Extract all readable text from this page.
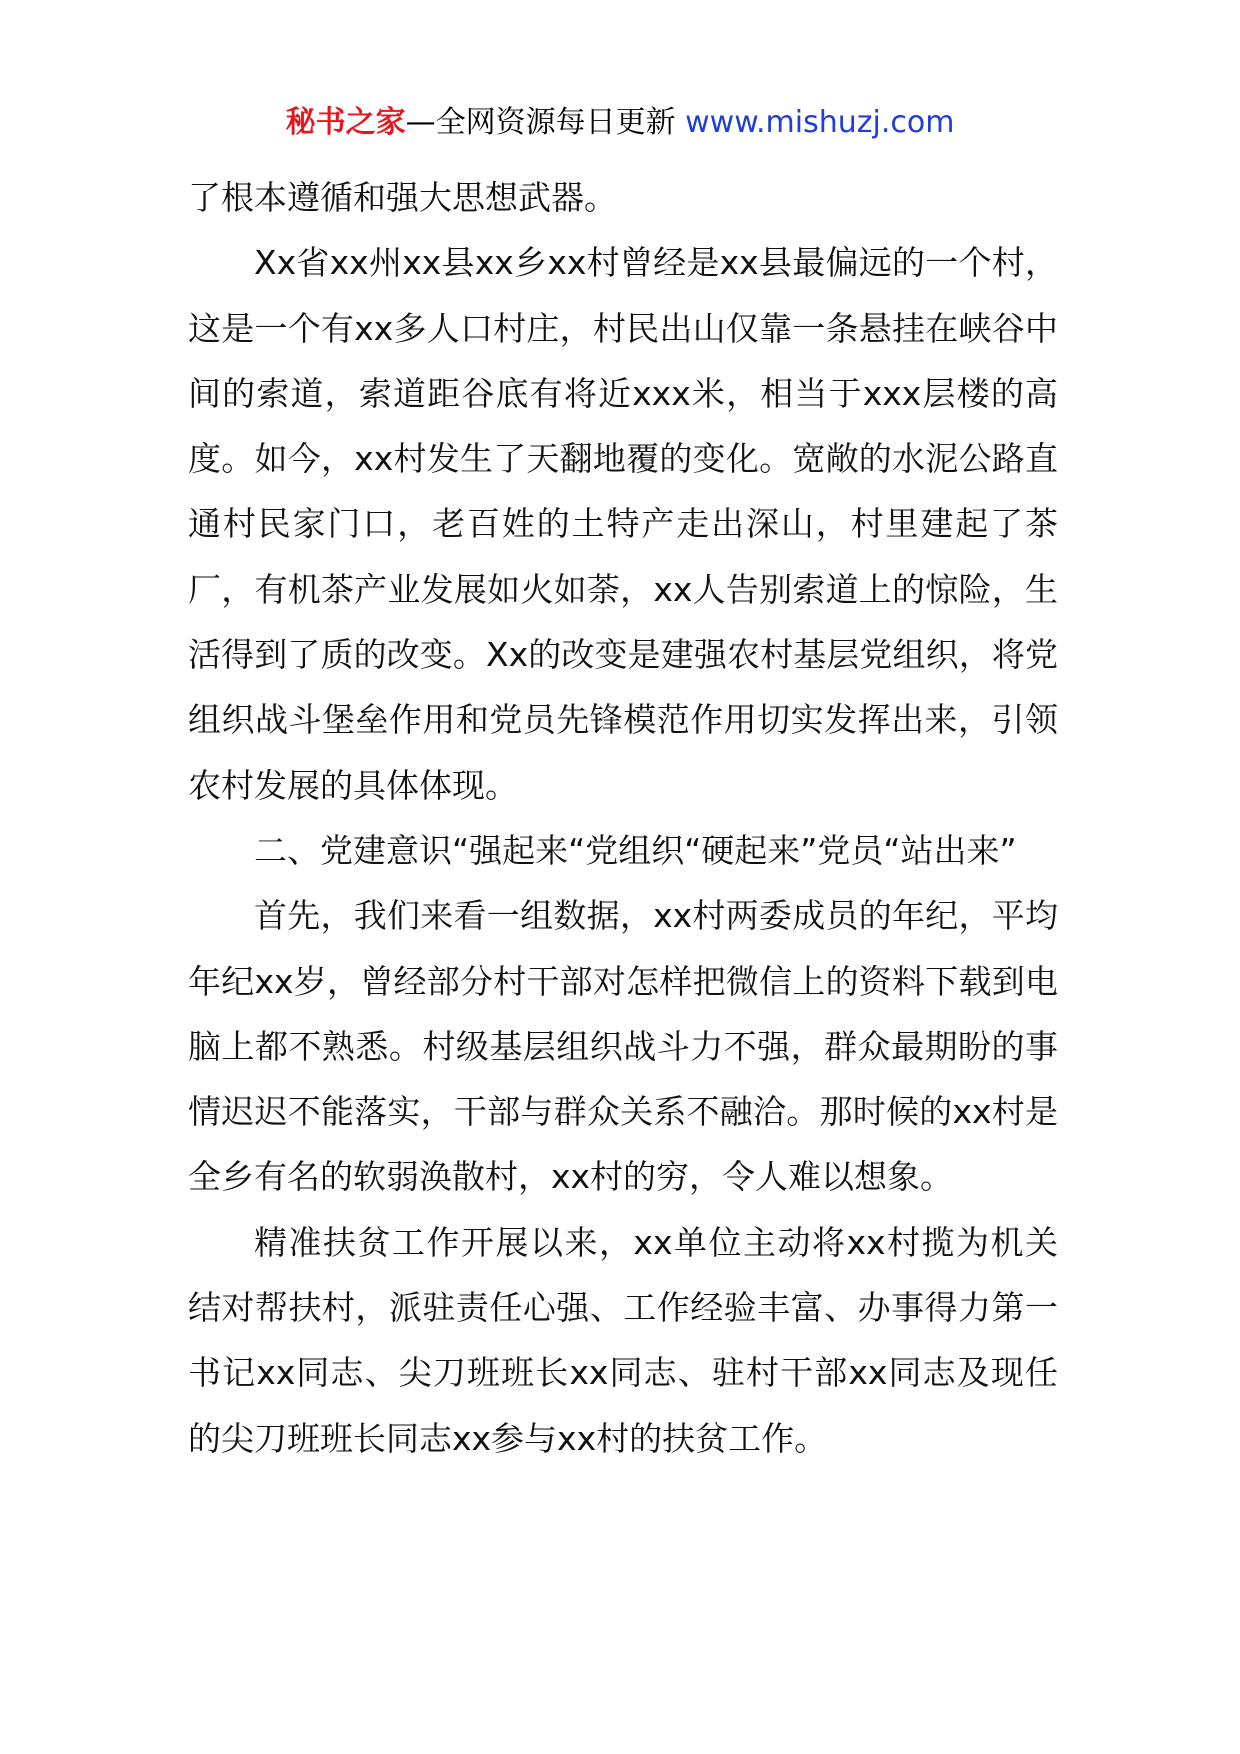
秘书之家—全网资源每日更新 www.mishuzj.com

了根本遵循和强大思想武器。

Xx省xx州xx县xx乡xx村曾经是xx县最偏远的一个村，这是一个有xx多人口村庄，村民出山仅靠一条悬挂在峡谷中间的索道，索道距谷底有将近xxx米，相当于xxx层楼的高度。如今，xx村发生了天翻地覆的变化。宽敞的水泥公路直通村民家门口，老百姓的土特产走出深山，村里建起了茶厂，有机茶产业发展如火如荼，xx人告别索道上的惊险，生活得到了质的改变。Xx的改变是建强农村基层党组织，将党组织战斗堡垒作用和党员先锋模范作用切实发挥出来，引领农村发展的具体体现。

二、党建意识“强起来“党组织“硬起来”党员“站出来”

首先，我们来看一组数据，xx村两委成员的年纪，平均年纪xx岁，曾经部分村干部对怎样把微信上的资料下载到电脑上都不熟悉。村级基层组织战斗力不强，群众最期盼的事情迟迟不能落实，干部与群众关系不融洽。那时候的xx村是全乡有名的软弱涣散村，xx村的穷，令人难以想象。

精准扶贫工作开展以来，xx单位主动将xx村揽为机关结对帮扶村，派驻责任心强、工作经验丰富、办事得力第一书记xx同志、尖刀班班长xx同志、驻村干部xx同志及现任的尖刀班班长同志xx参与xx村的扶贫工作。
